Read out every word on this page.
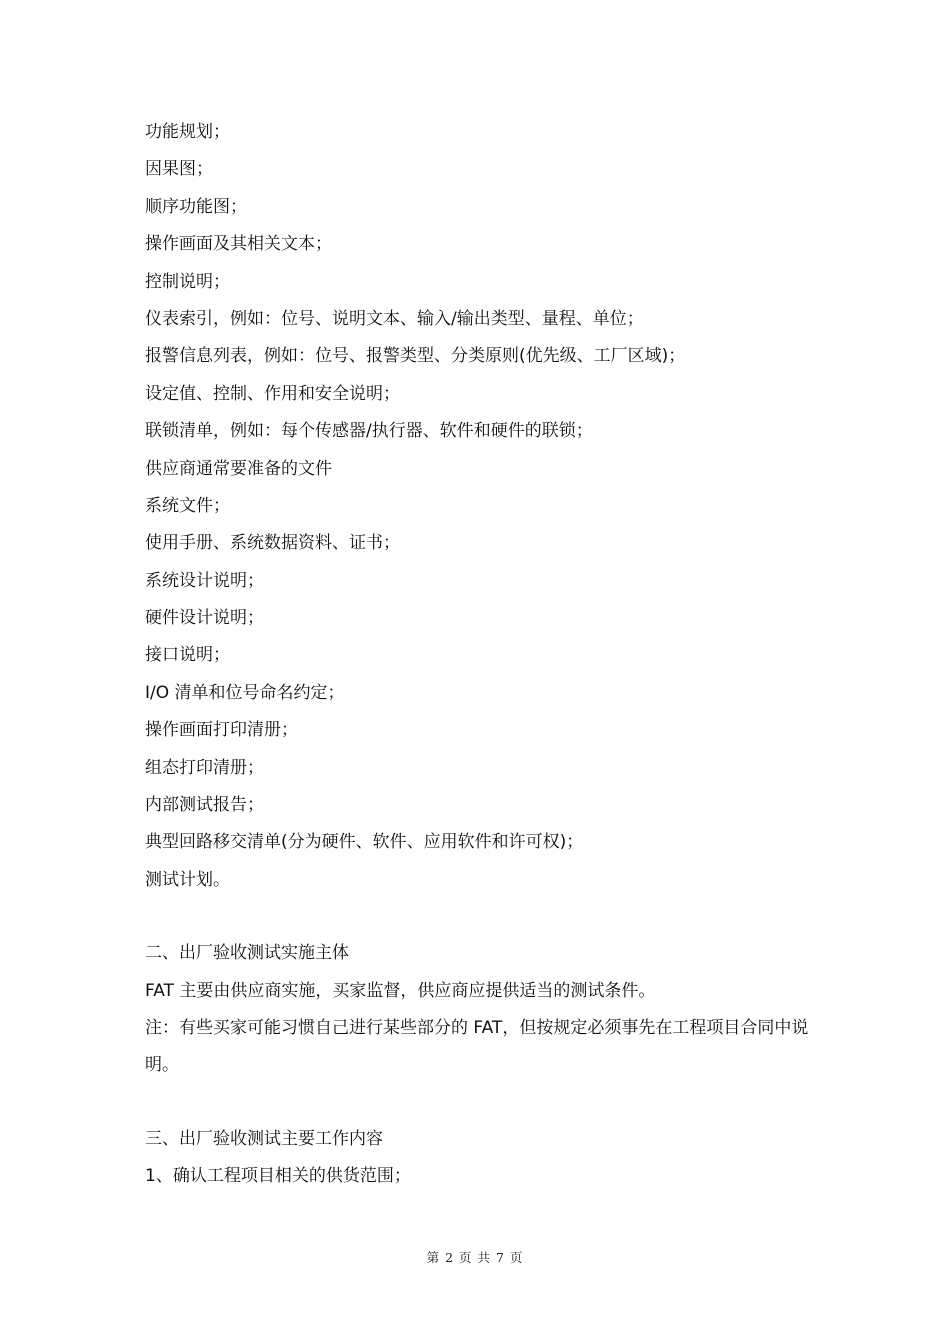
功能规划；
因果图；
顺序功能图；
操作画面及其相关文本；
控制说明；
仪表索引，例如：位号、说明文本、输入/输出类型、量程、单位；
报警信息列表，例如：位号、报警类型、分类原则(优先级、工厂区域)；
设定值、控制、作用和安全说明；
联锁清单，例如：每个传感器/执行器、软件和硬件的联锁；
供应商通常要准备的文件
系统文件；
使用手册、系统数据资料、证书；
系统设计说明；
硬件设计说明；
接口说明；
I/O 清单和位号命名约定；
操作画面打印清册；
组态打印清册；
内部测试报告；
典型回路移交清单(分为硬件、软件、应用软件和许可权)；
测试计划。
二、出厂验收测试实施主体
FAT 主要由供应商实施，买家监督，供应商应提供适当的测试条件。
注：有些买家可能习惯自己进行某些部分的 FAT，但按规定必须事先在工程项目合同中说明。
三、出厂验收测试主要工作内容
1、确认工程项目相关的供货范围；
第 2 页 共 7 页
